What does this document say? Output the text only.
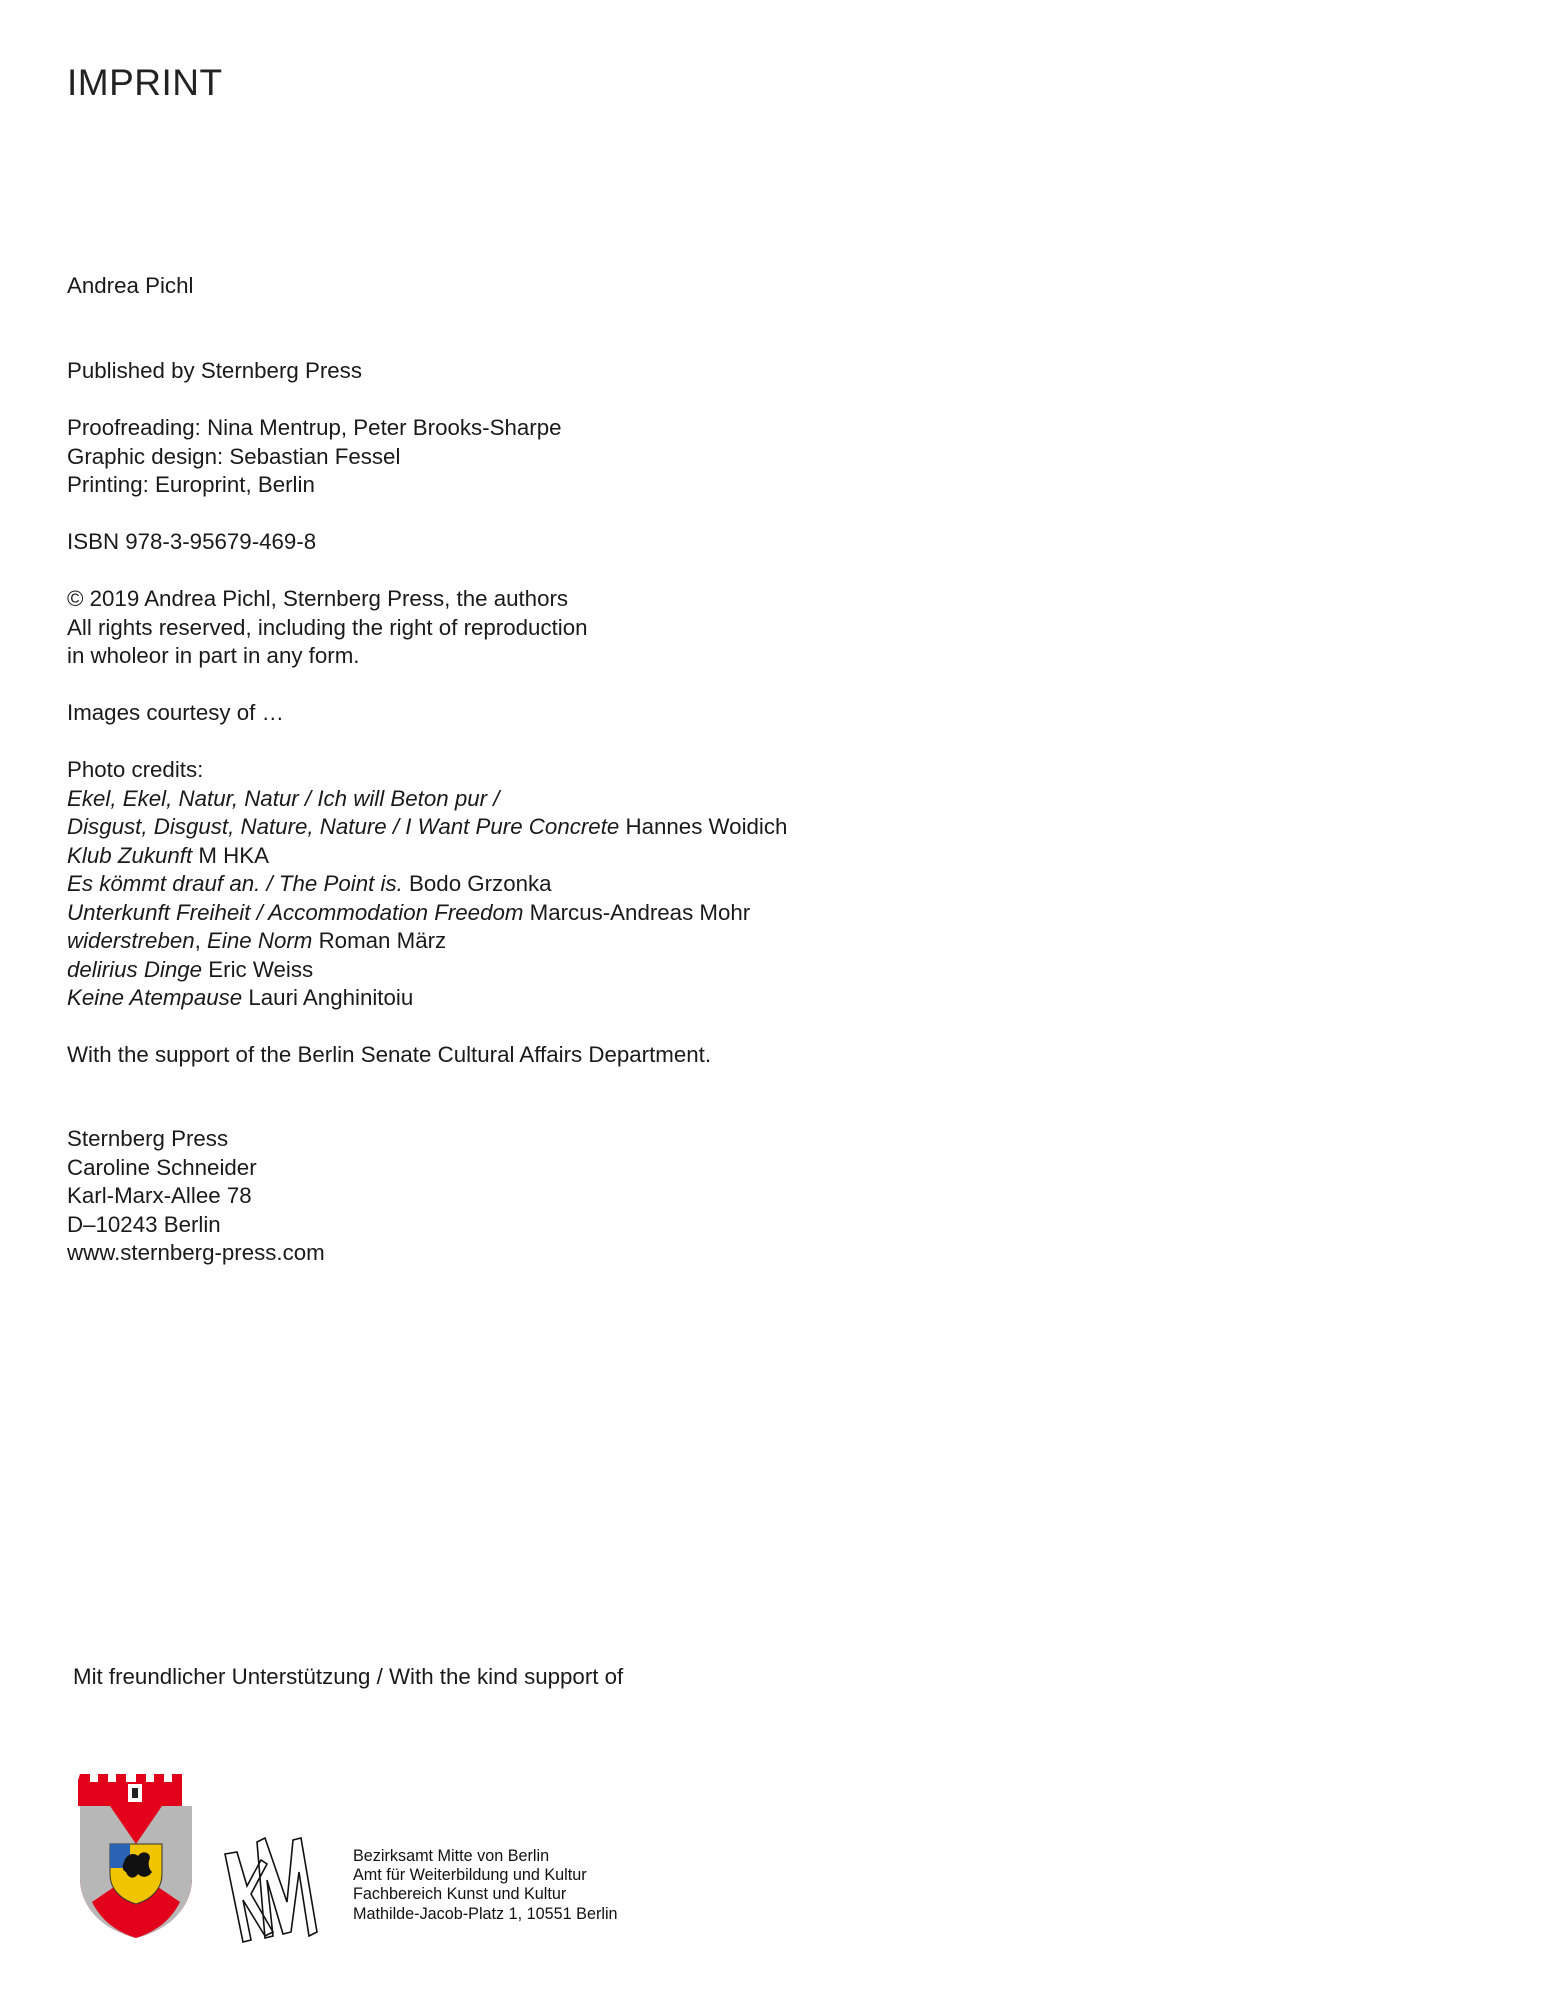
IMPRINT

Andrea Pichl

Published by Sternberg Press

Proofreading: Nina Mentrup, Peter Brooks-Sharpe

Graphic design: Sebastian Fessel

Printing: Europrint, Berlin

ISBN 978-3-95679-469-8

© 2019 Andrea Pichl, Sternberg Press, the authors

All rights reserved, including the right of reproduction

in wholeor in part in any form.

Images courtesy of …

Photo credits:

Ekel, Ekel, Natur, Natur / Ich will Beton pur /

Disgust, Disgust, Nature, Nature / I Want Pure Concrete Hannes Woidich

Klub Zukunft M HKA

Es kömmt drauf an. / The Point is. Bodo Grzonka

Unterkunft Freiheit / Accommodation Freedom Marcus-Andreas Mohr

widerstreben, Eine Norm Roman März

delirius Dinge Eric Weiss

Keine Atempause Lauri Anghinitoiu

With the support of the Berlin Senate Cultural Affairs Department.

Sternberg Press

Caroline Schneider

Karl-Marx-Allee 78

D–10243 Berlin

www.sternberg-press.com

Mit freundlicher Unterstützung / With the kind support of

Bezirksamt Mitte von Berlin

Amt für Weiterbildung und Kultur

Fachbereich Kunst und Kultur

Mathilde-Jacob-Platz 1, 10551 Berlin
